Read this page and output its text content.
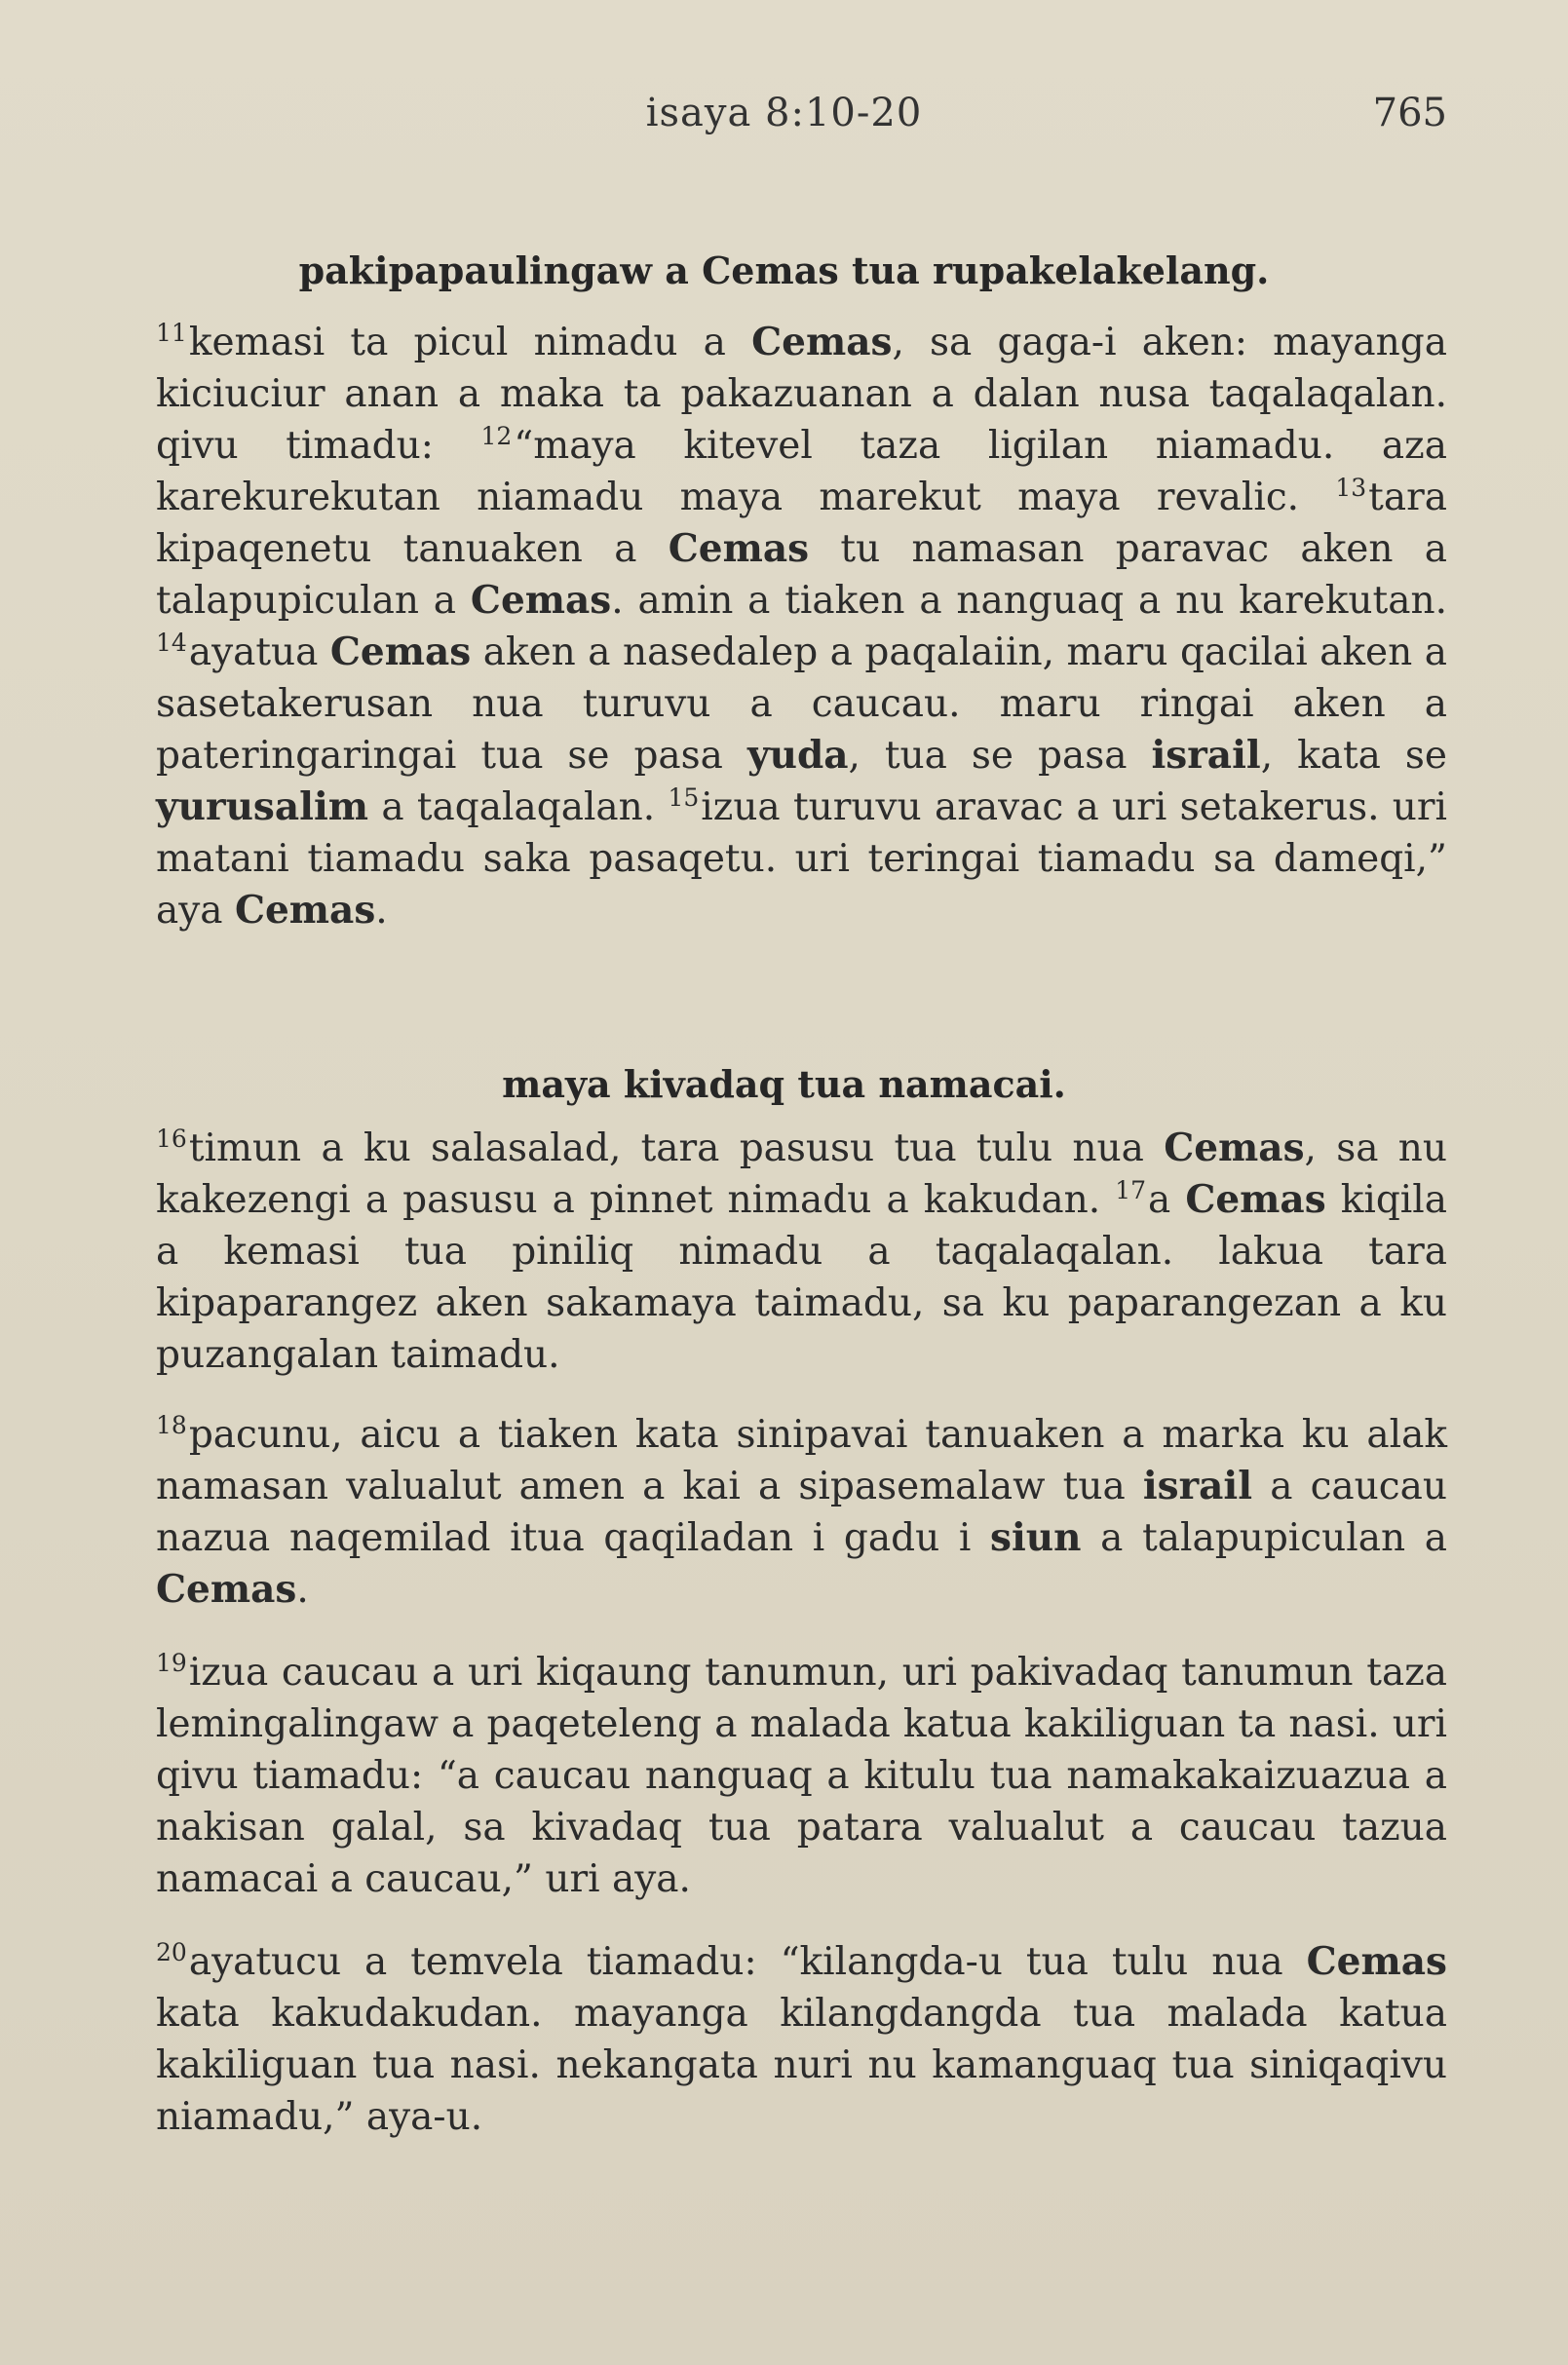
isaya 8:10-20	765
pakipapaulingaw a Cemas tua rupakelakelang.

$^{11}$kemasi ta picul nimadu a Cemas, sa gaga-i aken: mayanga kiciuciur anan a maka ta pakazuanan a dalan nusa taqalaqalan. qivu timadu: $^{12}$“maya kitevel taza ligilan niamadu. aza karekurekutan niamadu maya marekut maya revalic. $^{13}$tara kipaqenetu tanuaken a Cemas tu namasan paravac aken a talapupiculan a Cemas. amin a tiaken a nanguaq a nu karekutan. $^{14}$ayatua Cemas aken a nasedalep a paqalaiin, maru qacilai aken a sasetakerusan nua turuvu a caucau. maru ringai aken a pateringaringai tua se pasa yuda, tua se pasa israil, kata se yurusalim a taqalaqalan. $^{15}$izua turuvu aravac a uri setakerus. uri matani tiamadu saka pasaqetu. uri teringai tiamadu sa dameqi,” aya Cemas.

maya kivadaq tua namacai.

$^{16}$timun a ku salasalad, tara pasusu tua tulu nua Cemas, sa nu kakezengi a pasusu a pinnet nimadu a kakudan. $^{17}$a Cemas kiqila a kemasi tua piniliq nimadu a taqalaqalan. lakua tara kipaparangez aken sakamaya taimadu, sa ku paparangezan a ku puzangalan taimadu.

$^{18}$pacunu, aicu a tiaken kata sinipavai tanuaken a marka ku alak namasan valualut amen a kai a sipasemalaw tua israil a caucau nazua naqemilad itua qaqiladan i gadu i siun a talapupiculan a Cemas.

$^{19}$izua caucau a uri kiqaung tanumun, uri pakivadaq tanumun taza lemingalingaw a paqeteleng a malada katua kakiliguan ta nasi. uri qivu tiamadu: “a caucau nanguaq a kitulu tua namakakaizuazua a nakisan galal, sa kivadaq tua patara valualut a caucau tazua namacai a caucau,” uri aya.

$^{20}$ayatucu a temvela tiamadu: “kilangda-u tua tulu nua Cemas kata kakudakudan. mayanga kilangdangda tua malada katua kakiliguan tua nasi. nekangata nuri nu kamanguaq tua siniqaqivu niamadu,” aya-u.
